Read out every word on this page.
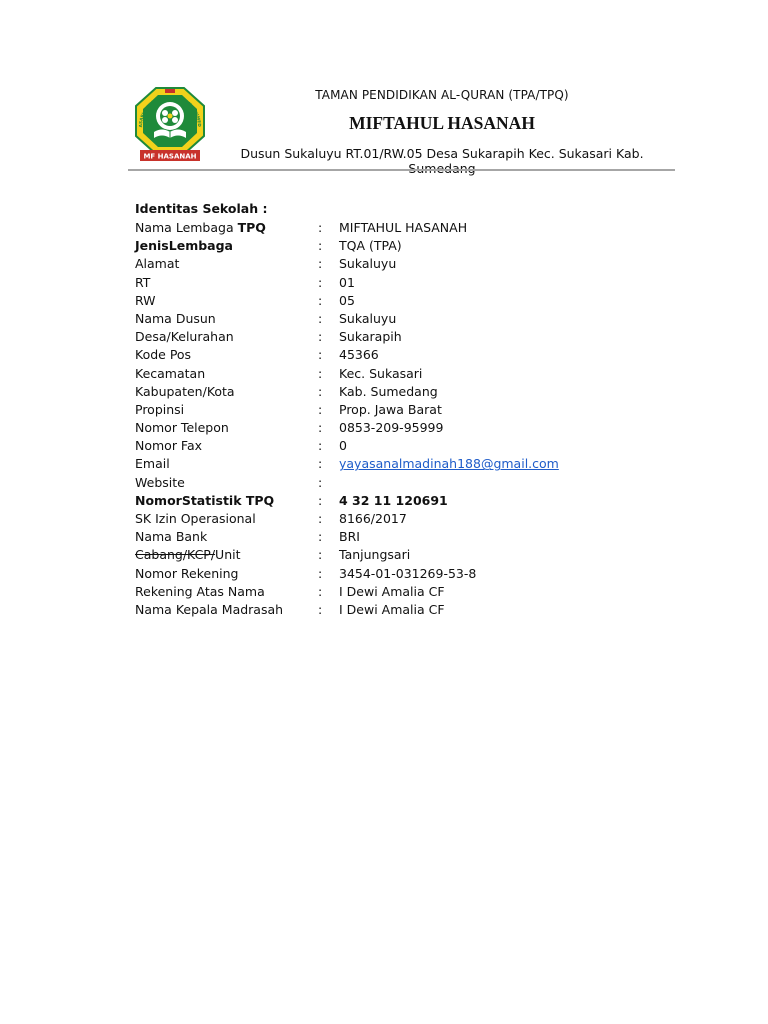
MF HASANAH
ASARI • TKQ/TPA AL-QUR'AN • SUMED
TAMAN PENDIDIKAN AL-QURAN (TPA/TPQ)
MIFTAHUL HASANAH
Dusun Sukaluyu RT.01/RW.05 Desa Sukarapih Kec. Sukasari Kab. Sumedang
Identitas Sekolah :
Nama Lembaga TPQ	:	MIFTAHUL HASANAH
JenisLembaga	:	TQA (TPA)
Alamat	:	Sukaluyu
RT	:	01
RW	:	05
Nama Dusun	:	Sukaluyu
Desa/Kelurahan	:	Sukarapih
Kode Pos	:	45366
Kecamatan	:	Kec. Sukasari
Kabupaten/Kota	:	Kab. Sumedang
Propinsi	:	Prop. Jawa Barat
Nomor Telepon	:	0853-209-95999
Nomor Fax	:	0
Email	:	yayasanalmadinah188@gmail.com
Website	:
NomorStatistik TPQ	:	4 32 11 120691
SK Izin Operasional	:	8166/2017
Nama Bank	:	BRI
Cabang/KCP/Unit	:	Tanjungsari
Nomor Rekening	:	3454-01-031269-53-8
Rekening Atas Nama	:	I Dewi Amalia CF
Nama Kepala Madrasah	:	I Dewi Amalia CF
